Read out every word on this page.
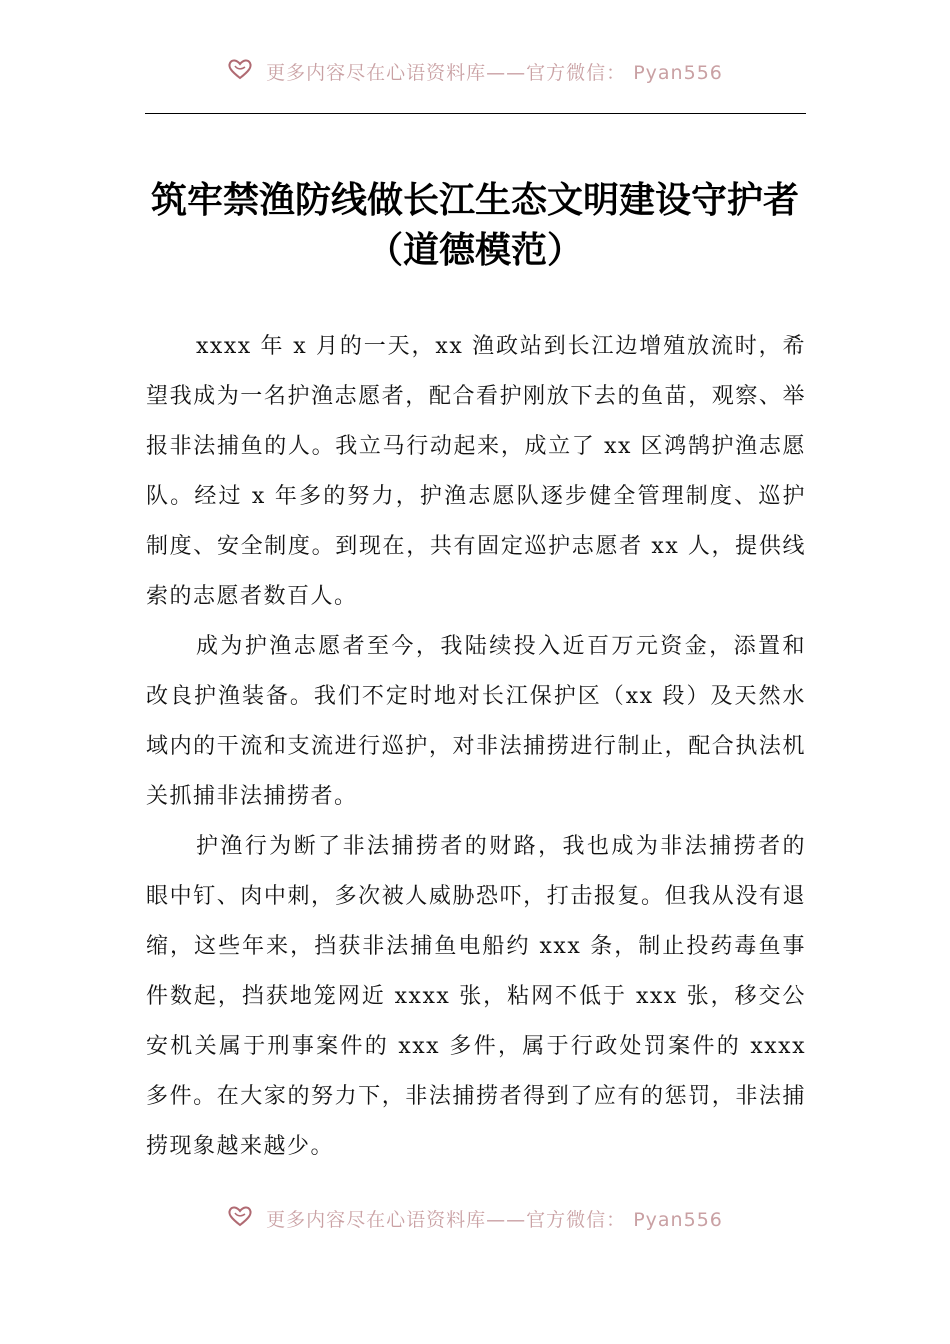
更多内容尽在心语资料库——官方微信： Pyan556
筑牢禁渔防线做长江生态文明建设守护者
（道德模范）

xxxx 年 x 月的一天，xx 渔政站到长江边增殖放流时，希望我成为一名护渔志愿者，配合看护刚放下去的鱼苗，观察、举报非法捕鱼的人。我立马行动起来，成立了 xx 区鸿鹄护渔志愿队。经过 x 年多的努力，护渔志愿队逐步健全管理制度、巡护制度、安全制度。到现在，共有固定巡护志愿者 xx 人，提供线索的志愿者数百人。

成为护渔志愿者至今，我陆续投入近百万元资金，添置和改良护渔装备。我们不定时地对长江保护区（xx 段）及天然水域内的干流和支流进行巡护，对非法捕捞进行制止，配合执法机关抓捕非法捕捞者。

护渔行为断了非法捕捞者的财路，我也成为非法捕捞者的眼中钉、肉中刺，多次被人威胁恐吓，打击报复。但我从没有退缩，这些年来，挡获非法捕鱼电船约 xxx 条，制止投药毒鱼事件数起，挡获地笼网近 xxxx 张，粘网不低于 xxx 张，移交公安机关属于刑事案件的 xxx 多件，属于行政处罚案件的 xxxx 多件。在大家的努力下，非法捕捞者得到了应有的惩罚，非法捕捞现象越来越少。

更多内容尽在心语资料库——官方微信： Pyan556
